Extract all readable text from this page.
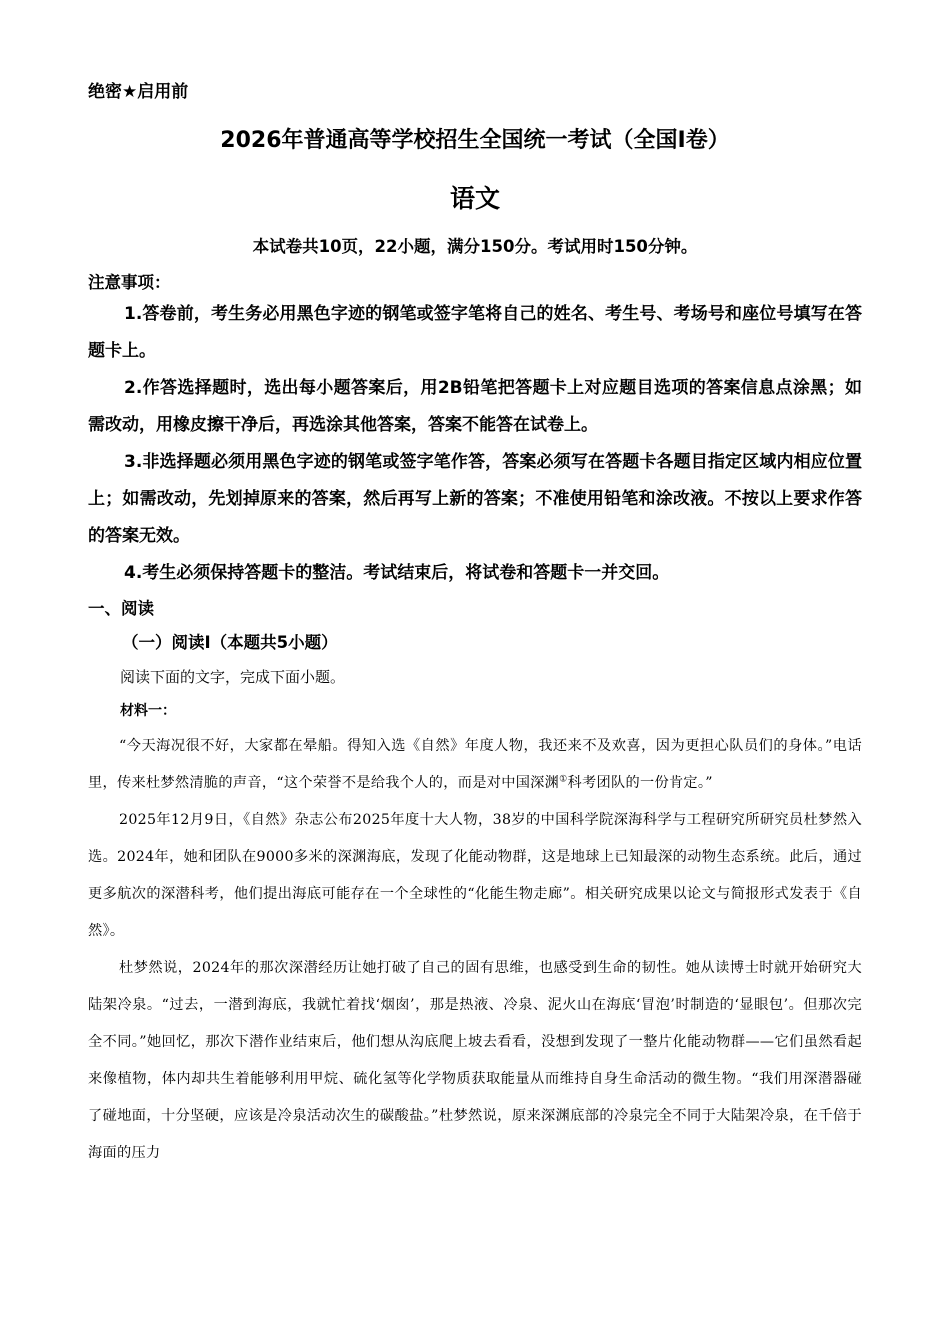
绝密★启用前

2026年普通高等学校招生全国统一考试（全国I卷）

语文

本试卷共10页，22小题，满分150分。考试用时150分钟。

注意事项：

1.答卷前，考生务必用黑色字迹的钢笔或签字笔将自己的姓名、考生号、考场号和座位号填写在答题卡上。

2.作答选择题时，选出每小题答案后，用2B铅笔把答题卡上对应题目选项的答案信息点涂黑；如需改动，用橡皮擦干净后，再选涂其他答案，答案不能答在试卷上。

3.非选择题必须用黑色字迹的钢笔或签字笔作答，答案必须写在答题卡各题目指定区域内相应位置上；如需改动，先划掉原来的答案，然后再写上新的答案；不准使用铅笔和涂改液。不按以上要求作答的答案无效。

4.考生必须保持答题卡的整洁。考试结束后，将试卷和答题卡一并交回。

一、阅读

（一）阅读I（本题共5小题）

阅读下面的文字，完成下面小题。

材料一：

“今天海况很不好，大家都在晕船。得知入选《自然》年度人物，我还来不及欢喜，因为更担心队员们的身体。”电话里，传来杜梦然清脆的声音，“这个荣誉不是给我个人的，而是对中国深渊①科考团队的一份肯定。”

2025年12月9日，《自然》杂志公布2025年度十大人物，38岁的中国科学院深海科学与工程研究所研究员杜梦然入选。2024年，她和团队在9000多米的深渊海底，发现了化能动物群，这是地球上已知最深的动物生态系统。此后，通过更多航次的深潜科考，他们提出海底可能存在一个全球性的“化能生物走廊”。相关研究成果以论文与简报形式发表于《自然》。

杜梦然说，2024年的那次深潜经历让她打破了自己的固有思维，也感受到生命的韧性。她从读博士时就开始研究大陆架冷泉。“过去，一潜到海底，我就忙着找‘烟囱’，那是热液、冷泉、泥火山在海底‘冒泡’时制造的‘显眼包’。但那次完全不同。”她回忆，那次下潜作业结束后，他们想从沟底爬上坡去看看，没想到发现了一整片化能动物群——它们虽然看起来像植物，体内却共生着能够利用甲烷、硫化氢等化学物质获取能量从而维持自身生命活动的微生物。“我们用深潜器碰了碰地面，十分坚硬，应该是冷泉活动次生的碳酸盐。”杜梦然说，原来深渊底部的冷泉完全不同于大陆架冷泉，在千倍于海面的压力
